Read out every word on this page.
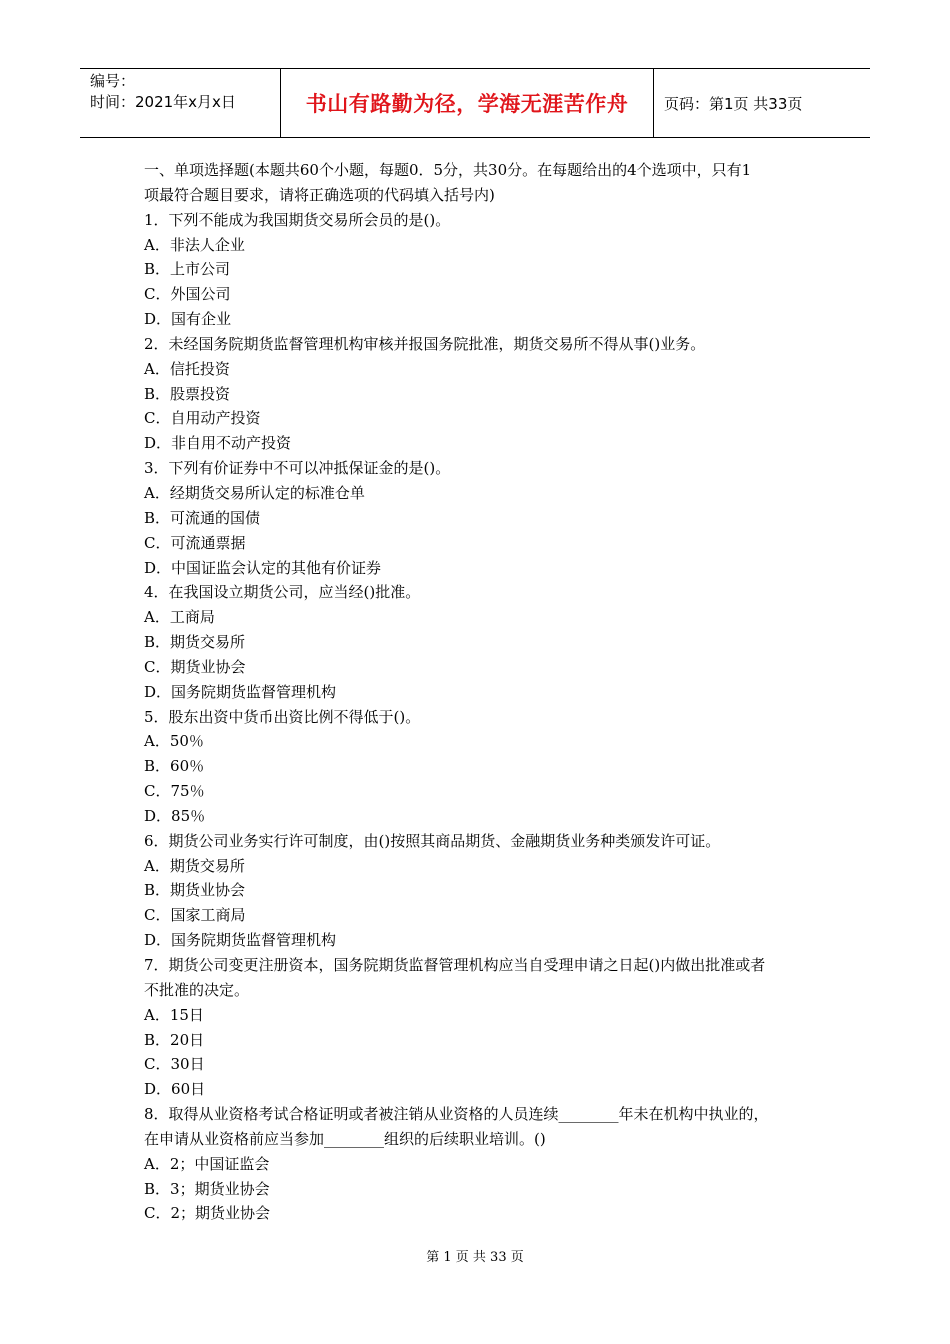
编号：
时间：2021年x月x日	书山有路勤为径，学海无涯苦作舟	页码：第1页 共33页

一、单项选择题(本题共60个小题，每题0．5分，共30分。在每题给出的4个选项中，只有1

项最符合题目要求，请将正确选项的代码填入括号内)

1．下列不能成为我国期货交易所会员的是()。

A．非法人企业

B．上市公司

C．外国公司

D．国有企业

2．未经国务院期货监督管理机构审核并报国务院批准，期货交易所不得从事()业务。

A．信托投资

B．股票投资

C．自用动产投资

D．非自用不动产投资

3．下列有价证券中不可以冲抵保证金的是()。

A．经期货交易所认定的标准仓单

B．可流通的国债

C．可流通票据

D．中国证监会认定的其他有价证券

4．在我国设立期货公司，应当经()批准。

A．工商局

B．期货交易所

C．期货业协会

D．国务院期货监督管理机构

5．股东出资中货币出资比例不得低于()。

A．50％

B．60％

C．75％

D．85％

6．期货公司业务实行许可制度，由()按照其商品期货、金融期货业务种类颁发许可证。

A．期货交易所

B．期货业协会

C．国家工商局

D．国务院期货监督管理机构

7．期货公司变更注册资本，国务院期货监督管理机构应当自受理申请之日起()内做出批准或者

不批准的决定。

A．15日

B．20日

C．30日

D．60日

8．取得从业资格考试合格证明或者被注销从业资格的人员连续________年未在机构中执业的，

在申请从业资格前应当参加________组织的后续职业培训。()

A．2；中国证监会

B．3；期货业协会

C．2；期货业协会

第 1 页 共 33 页
